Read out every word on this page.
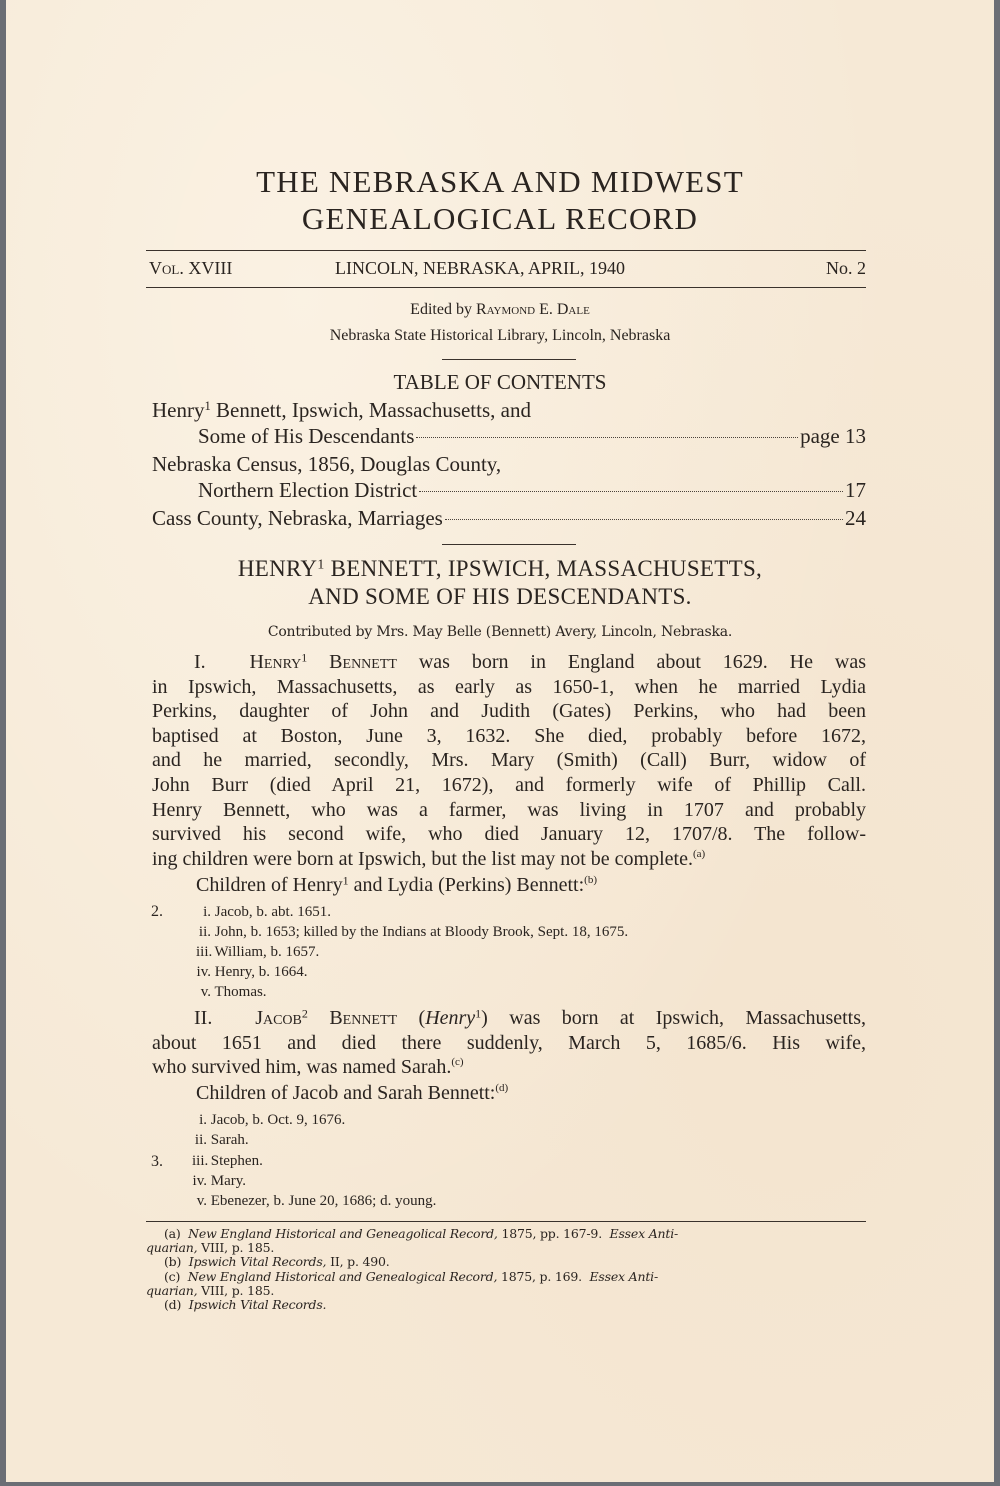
THE NEBRASKA AND MIDWEST
GENEALOGICAL RECORD
Vol. XVIII	LINCOLN, NEBRASKA, APRIL, 1940	No. 2
Edited by Raymond E. Dale
Nebraska State Historical Library, Lincoln, Nebraska
TABLE OF CONTENTS
Henry$^1$ Bennett, Ipswich, Massachusetts, and
Some of His Descendants	page 13
Nebraska Census, 1856, Douglas County,
Northern Election District	17
Cass County, Nebraska, Marriages	24
HENRY$^1$ BENNETT, IPSWICH, MASSACHUSETTS,
AND SOME OF HIS DESCENDANTS.
Contributed by Mrs. May Belle (Bennett) Avery, Lincoln, Nebraska.
I. Henry$^1$ Bennett was born in England about 1629. He was
in Ipswich, Massachusetts, as early as 1650-1, when he married Lydia
Perkins, daughter of John and Judith (Gates) Perkins, who had been
baptised at Boston, June 3, 1632. She died, probably before 1672,
and he married, secondly, Mrs. Mary (Smith) (Call) Burr, widow of
John Burr (died April 21, 1672), and formerly wife of Phillip Call.
Henry Bennett, who was a farmer, was living in 1707 and probably
survived his second wife, who died January 12, 1707/8. The follow-
ing children were born at Ipswich, but the list may not be complete.$^{(a)}$
Children of Henry$^1$ and Lydia (Perkins) Bennett:$^{(b)}$
2.	i. Jacob, b. abt. 1651.
ii. John, b. 1653; killed by the Indians at Bloody Brook, Sept. 18, 1675.
iii. William, b. 1657.
iv. Henry, b. 1664.
v. Thomas.
II. Jacob$^2$ Bennett (Henry$^1$) was born at Ipswich, Massachusetts,
about 1651 and died there suddenly, March 5, 1685/6. His wife,
who survived him, was named Sarah.$^{(c)}$
Children of Jacob and Sarah Bennett:$^{(d)}$
i. Jacob, b. Oct. 9, 1676.
ii. Sarah.
3. iii. Stephen.
iv. Mary.
v. Ebenezer, b. June 20, 1686; d. young.
(a) New England Historical and Geneagolical Record, 1875, pp. 167-9. Essex Anti-
quarian, VIII, p. 185.
(b) Ipswich Vital Records, II, p. 490.
(c) New England Historical and Genealogical Record, 1875, p. 169. Essex Anti-
quarian, VIII, p. 185.
(d) Ipswich Vital Records.
